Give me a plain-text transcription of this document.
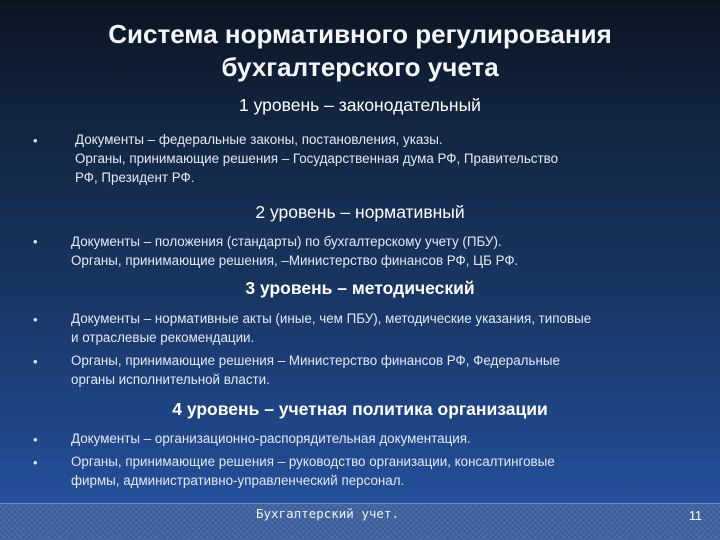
Система нормативного регулирования
бухгалтерского учета
1 уровень – законодательный
•	Документы – федеральные законы, постановления, указы.
Органы, принимающие решения – Государственная дума РФ, Правительство
РФ, Президент РФ.
2 уровень – нормативный
• Документы – положения (стандарты) по бухгалтерскому учету (ПБУ).
Органы, принимающие решения, –Министерство финансов РФ, ЦБ РФ.
3 уровень – методический
• Документы – нормативные акты (иные, чем ПБУ), методические указания, типовые
и отраслевые рекомендации.
• Органы, принимающие решения – Министерство финансов РФ, Федеральные
органы исполнительной власти.
4 уровень – учетная политика организации
• Документы – организационно-распорядительная документация.
• Органы, принимающие решения – руководство организации, консалтинговые
фирмы, административно-управленческий персонал.
Бухгалтерский учет.	11
